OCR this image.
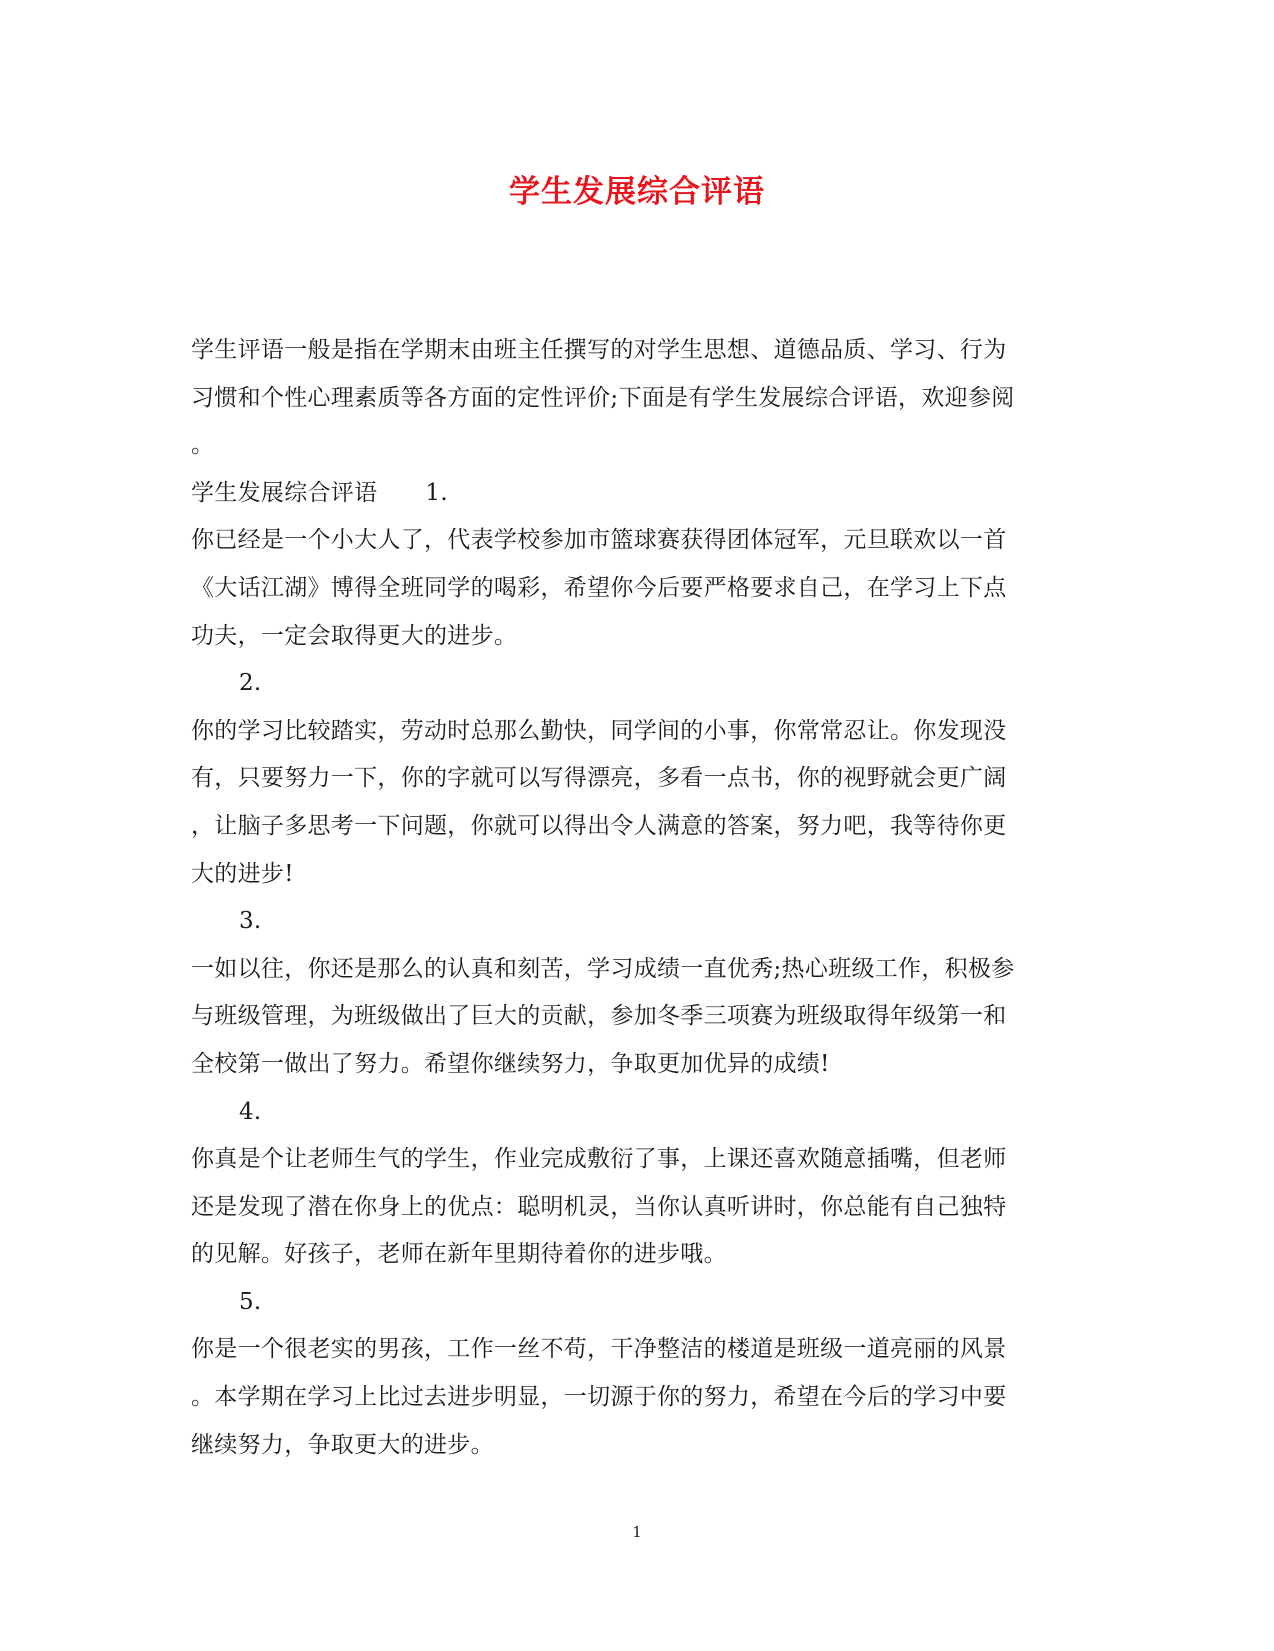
学生发展综合评语
学生评语一般是指在学期末由班主任撰写的对学生思想、道德品质、学习、行为
习惯和个性心理素质等各方面的定性评价;下面是有学生发展综合评语，欢迎参阅
。
学生发展综合评语 1.
你已经是一个小大人了，代表学校参加市篮球赛获得团体冠军，元旦联欢以一首
《大话江湖》博得全班同学的喝彩，希望你今后要严格要求自己，在学习上下点
功夫，一定会取得更大的进步。
2.
你的学习比较踏实，劳动时总那么勤快，同学间的小事，你常常忍让。你发现没
有，只要努力一下，你的字就可以写得漂亮，多看一点书，你的视野就会更广阔
，让脑子多思考一下问题，你就可以得出令人满意的答案，努力吧，我等待你更
大的进步!
3.
一如以往，你还是那么的认真和刻苦，学习成绩一直优秀;热心班级工作，积极参
与班级管理，为班级做出了巨大的贡献，参加冬季三项赛为班级取得年级第一和
全校第一做出了努力。希望你继续努力，争取更加优异的成绩!
4.
你真是个让老师生气的学生，作业完成敷衍了事，上课还喜欢随意插嘴，但老师
还是发现了潜在你身上的优点：聪明机灵，当你认真听讲时，你总能有自己独特
的见解。好孩子，老师在新年里期待着你的进步哦。
5.
你是一个很老实的男孩，工作一丝不苟，干净整洁的楼道是班级一道亮丽的风景
。本学期在学习上比过去进步明显，一切源于你的努力，希望在今后的学习中要
继续努力，争取更大的进步。
1
